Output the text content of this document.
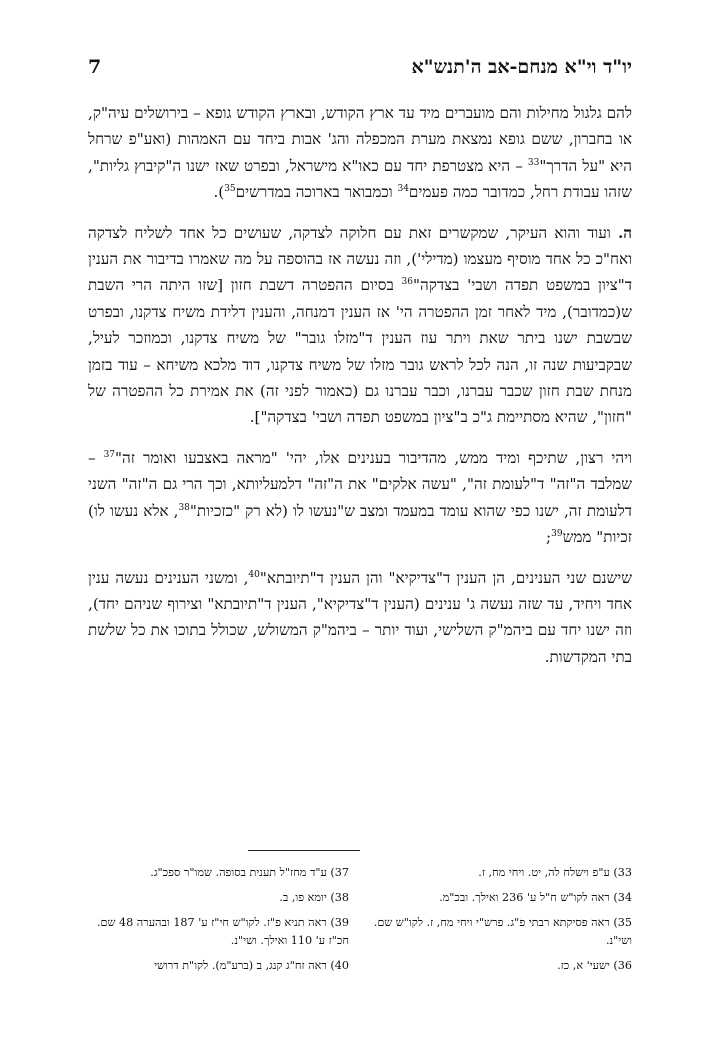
יו"ד וי"א מנחם-אב ה'תנש"א
7

להם גלגול מחילות והם מועברים מיד עד ארץ הקודש, ובארץ הקודש גופא – בירושלים עיה"ק, או בחברון, ששם גופא נמצאת מערת המכפלה והג' אבות ביחד עם האמהות (ואע"פ שרחל היא "על הדרך"$^{33}$ – היא מצטרפת יחד עם כאו"א מישראל, ובפרט שאז ישנו ה"קיבוץ גליות", שזהו עבודת רחל, כמדובר כמה פעמים$^{34}$ וכמבואר בארוכה במדרשים$^{35}$).

ה. ועוד והוא העיקר, שמקשרים זאת עם חלוקה לצדקה, שעושים כל אחד לשליח לצדקה ואח"כ כל אחד מוסיף מעצמו (מדילי'), וזה נעשה אז בהוספה על מה שאמרו בדיבור את הענין ד"ציון במשפט תפדה ושבי' בצדקה"$^{36}$ בסיום ההפטרה דשבת חזון [שזו היתה הרי השבת ש(כמדובר), מיד לאחר זמן ההפטרה הי' אז הענין דמנחה, והענין דלידת משיח צדקנו, ובפרט שבשבת ישנו ביתר שאת ויתר עוז הענין ד"מזלו גובר" של משיח צדקנו, וכמוזכר לעיל, שבקביעות שנה זו, הנה לכל לראש גובר מזלו של משיח צדקנו, דוד מלכא משיחא – עוד בזמן מנחת שבת חזון שכבר עברנו, וכבר עברנו גם (כאמור לפני זה) את אמירת כל ההפטרה של "חזון", שהיא מסתיימת ג"כ ב"ציון במשפט תפדה ושבי' בצדקה"].

ויהי רצון, שתיכף ומיד ממש, מהדיבור בענינים אלו, יהי' "מראה באצבעו ואומר זה"$^{37}$ – שמלבד ה"זה" ד"לעומת זה", "עשה אלקים" את ה"זה" דלמעליותא, וכך הרי גם ה"זה" השני דלעומת זה, ישנו כפי שהוא עומד במעמד ומצב ש"נעשו לו (לא רק "כזכיות"$^{38}$, אלא נעשו לו) זכיות" ממש$^{39}$;

שישנם שני הענינים, הן הענין ד"צדיקיא" והן הענין ד"תיובתא"$^{40}$, ומשני הענינים נעשה ענין אחד ויחיד, עד שזה נעשה ג' ענינים (הענין ד"צדיקיא", הענין ד"תיובתא" וצירוף שניהם יחד), וזה ישנו יחד עם ביהמ"ק השלישי, ועוד יותר – ביהמ"ק המשולש, שכולל בתוכו את כל שלשת בתי המקדשות.

33) ע"פ וישלח לה, יט. ויחי מח, ז.
34) ראה לקו"ש ח"ל ע' 236 ואילך. ובכ"מ.
35) ראה פסיקתא רבתי פ"ג. פרש"י ויחי מח, ז. לקו"ש שם. ושי"נ.
36) ישעי' א, כז.
37) ע"ד מחז"ל תענית בסופה. שמו"ר ספכ"ג.
38) יומא פו, ב.
39) ראה תניא פ"ז. לקו"ש חי"ז ע' 187 ובהערה 48 שם. חכ"ז ע' 110 ואילך. ושי"נ.
40) ראה זח"ג קנג, ב (ברע"מ). לקו"ת דרושי
